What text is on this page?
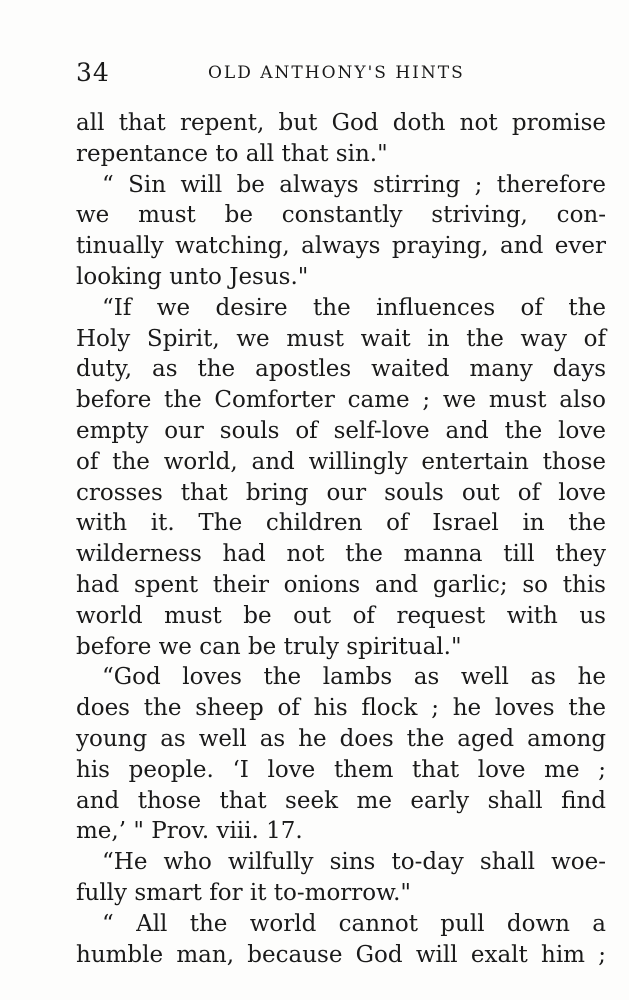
34	OLD ANTHONY'S HINTS
all that repent, but God doth not promise
repentance to all that sin."
“ Sin will be always stirring ; therefore
we must be constantly striving, con-
tinually watching, always praying, and ever
looking unto Jesus."
“If we desire the influences of the
Holy Spirit, we must wait in the way of
duty, as the apostles waited many days
before the Comforter came ; we must also
empty our souls of self-love and the love
of the world, and willingly entertain those
crosses that bring our souls out of love
with it. The children of Israel in the
wilderness had not the manna till they
had spent their onions and garlic; so this
world must be out of request with us
before we can be truly spiritual."
“God loves the lambs as well as he
does the sheep of his flock ; he loves the
young as well as he does the aged among
his people. ‘I love them that love me ;
and those that seek me early shall find
me,’ " Prov. viii. 17.
“He who wilfully sins to-day shall woe-
fully smart for it to-morrow."
“ All the world cannot pull down a
humble man, because God will exalt him ;
